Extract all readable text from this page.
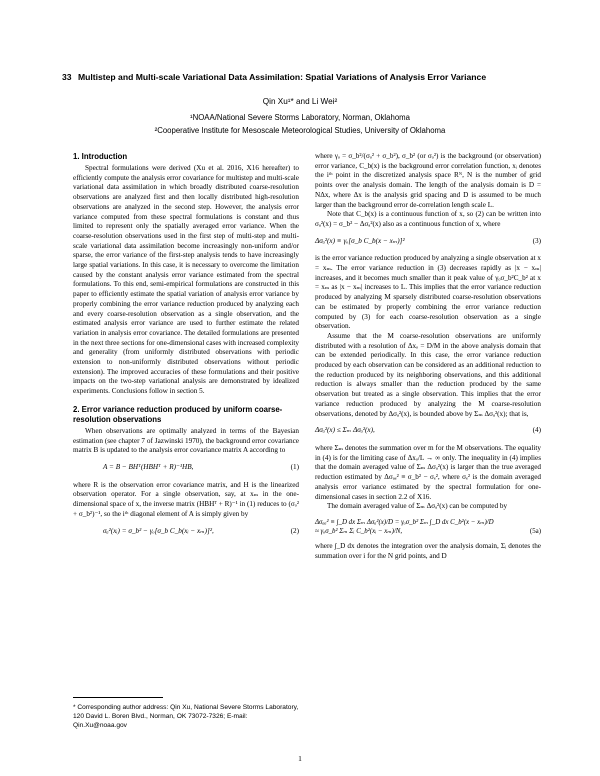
33 Multistep and Multi-scale Variational Data Assimilation: Spatial Variations of Analysis Error Variance
Qin Xu¹* and Li Wei²
¹NOAA/National Severe Storms Laboratory, Norman, Oklahoma
²Cooperative Institute for Mesoscale Meteorological Studies, University of Oklahoma
1. Introduction

Spectral formulations were derived (Xu et al. 2016, X16 hereafter) to efficiently compute the analysis error covariance for multistep and multi-scale variational data assimilation in which broadly distributed coarse-resolution observations are analyzed first and then locally distributed high-resolution observations are analyzed in the second step. However, the analysis error variance computed from these spectral formulations is constant and thus limited to represent only the spatially averaged error variance. When the coarse-resolution observations used in the first step of multi-step and multi-scale variational data assimilation become increasingly non-uniform and/or sparse, the error variance of the first-step analysis tends to have increasingly large spatial variations. In this case, it is necessary to overcome the limitation caused by the constant analysis error variance estimated from the spectral formulations. To this end, semi-empirical formulations are constructed in this paper to efficiently estimate the spatial variation of analysis error variance by properly combining the error variance reduction produced by analyzing each and every coarse-resolution observation as a single observation, and the estimated analysis error variance are used to further estimate the related variation in analysis error covariance. The detailed formulations are presented in the next three sections for one-dimensional cases with increased complexity and generality (from uniformly distributed observations with periodic extension to non-uniformly distributed observations without periodic extension). The improved accuracies of these formulations and their positive impacts on the two-step variational analysis are demonstrated by idealized experiments. Conclusions follow in section 5.

2. Error variance reduction produced by uniform coarse-resolution observations

When observations are optimally analyzed in terms of the Bayesian estimation (see chapter 7 of Jazwinski 1970), the background error covariance matrix B is updated to the analysis error covariance matrix A according to

A = B − BHᵀ(HBHᵀ + R)⁻¹HB,	(1)

where R is the observation error covariance matrix, and H is the linearized observation operator. For a single observation, say, at xₘ in the one-dimensional space of x, the inverse matrix (HBHᵀ + R)⁻¹ in (1) reduces to (σₒ² + σ_b²)⁻¹, so the iᵗʰ diagonal element of A is simply given by

σₐ²(xᵢ) = σ_b² − γₒ[σ_b C_b(xᵢ − xₘ)]²,	(2)

where γₒ = σ_b²/(σₒ² + σ_b²), σ_b² (or σₒ²) is the background (or observation) error variance, C_b(x) is the background error correlation function, xᵢ denotes the iᵗʰ point in the discretized analysis space Rᴺ, N is the number of grid points over the analysis domain. The length of the analysis domain is D = NΔx, where Δx is the analysis grid spacing and D is assumed to be much larger than the background error de-correlation length scale L.

Note that C_b(x) is a continuous function of x, so (2) can be written into σₐ²(x) = σ_b² − Δσₐ²(x) also as a continuous function of x, where

Δσₐ²(x) ≡ γₒ[σ_b C_b(x − xₘ)]²	(3)

is the error variance reduction produced by analyzing a single observation at x = xₘ. The error variance reduction in (3) decreases rapidly as |x − xₘ| increases, and it becomes much smaller than it peak value of γₒσ_b²C_b² at x = xₘ as |x − xₘ| increases to L. This implies that the error variance reduction produced by analyzing M sparsely distributed coarse-resolution observations can be estimated by properly combining the error variance reduction computed by (3) for each coarse-resolution observation as a single observation.

Assume that the M coarse-resolution observations are uniformly distributed with a resolution of Δxₒ = D/M in the above analysis domain that can be extended periodically. In this case, the error variance reduction produced by each observation can be considered as an additional reduction to the reduction produced by its neighboring observations, and this additional reduction is always smaller than the reduction produced by the same observation but treated as a single observation. This implies that the error variance reduction produced by analyzing the M coarse-resolution observations, denoted by Δσₐ²(x), is bounded above by Σₘ Δσₐ²(x); that is,

Δσₐ²(x) ≤ Σₘ Δσₐ²(x),	(4)

where Σₘ denotes the summation over m for the M observations. The equality in (4) is for the limiting case of Δxₒ/L → ∞ only. The inequality in (4) implies that the domain averaged value of Σₘ Δσₐ²(x) is larger than the true averaged reduction estimated by Δσₐₑ² ≡ σ_b² − σₑ², where σₑ² is the domain averaged analysis error variance estimated by the spectral formulation for one-dimensional cases in section 2.2 of X16.

The domain averaged value of Σₘ Δσₐ²(x) can be computed by

Δσₐₐ² ≡ ∫_D dx Σₘ Δσₐ²(x)/D = γₒσ_b² Σₘ ∫_D dx C_b²(x − xₘ)/D
≈ γₒσ_b² Σₘ Σᵢ C_b²(xᵢ − xₘ)/N,	(5a)

where ∫_D dx denotes the integration over the analysis domain, Σᵢ denotes the summation over i for the N grid points, and D

* Corresponding author address: Qin Xu, National Severe Storms Laboratory, 120 David L. Boren Blvd., Norman, OK 73072-7326; E-mail: Qin.Xu@noaa.gov
1
